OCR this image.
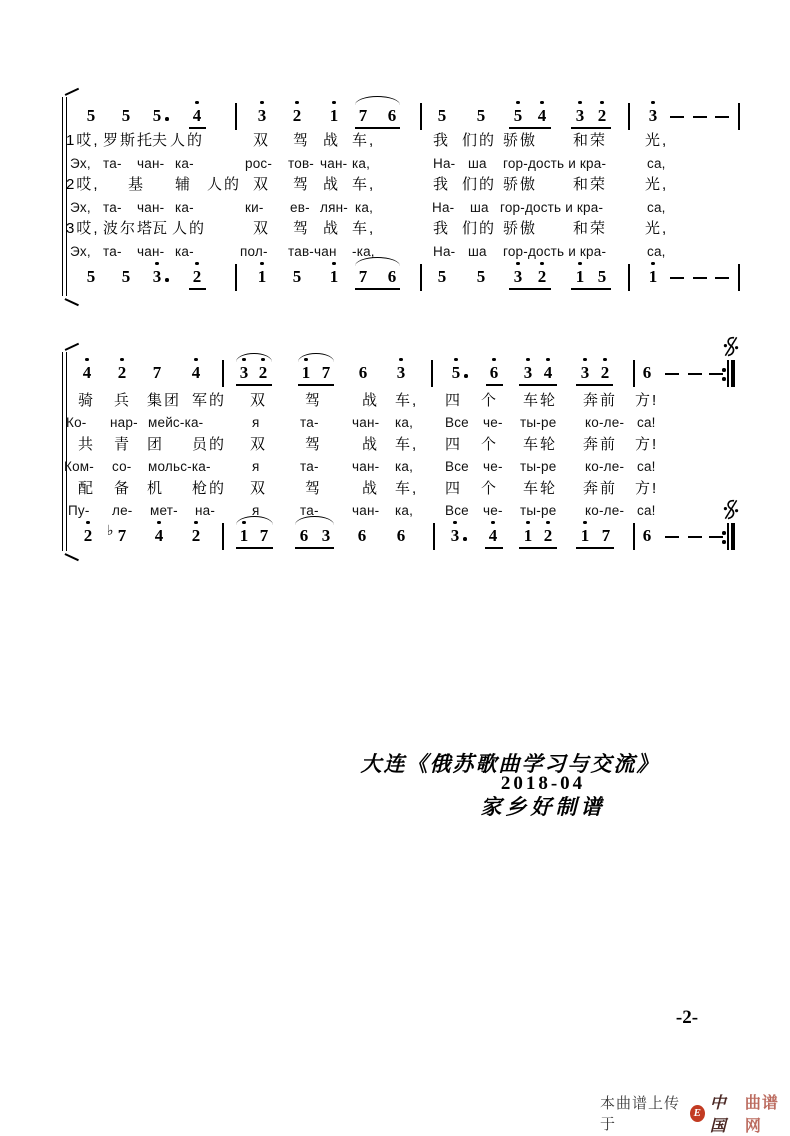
5 5 5 4	3 2 1 7 6 5 5 5 4 3 2	3
1哎, 罗 斯 托
夫 人的	双 驾 战 车,	我 们的 骄傲 和荣	光,
Эх, та- чан- ка-	рос- тов- чан- ка,	На- ша гор-дость и кра-	са,
2哎, 基 辅 人的 双 驾 战 车,	我 们的 骄傲 和荣	光,
Эх, та- чан- ка-	ки- ев- лян- ка,	На- ша гор-дость и кра-	са,
3哎, 波 尔 塔
瓦 人的	双 驾 战 车,	我 们的 骄傲 和荣	光,
Эх, та- чан- ка-	пол- тав-чан -ка,	На- ша гор-дость и кра-	са,
5 5 3 2	1 5 1 7 6 5 5 3 2 1 5	1
4 2 7 4 3 2 1 7 6 3	5 6 3 4 3 2 6
骑 兵 集团 军的 双	驾	战 车, 四 个 车轮 奔前 方!
Ко- нар- мейс-ка-	я	та- чан- ка, Все че- ты-ре ко-ле- са!
共 青 团 员的 双	驾	战 车, 四 个 车轮 奔前 方!
Ком- со- мольс-ка-	я	та- чан- ка, Все че- ты-ре ко-ле- са!
配 备 机 枪的 双	驾	战 车, 四 个 车轮 奔前 方!
Пу- ле- мет- на-	я	та- чан- ка, Все че- ты-ре ко-ле- са!
2 7
♭ 4 2 1 7 6 3 6 6	3 4 1 2 1 7 6
大连《俄苏歌曲学习与交流》
2018-04
家乡好制谱
-2-
本曲谱上传于
E
中国
曲谱网
